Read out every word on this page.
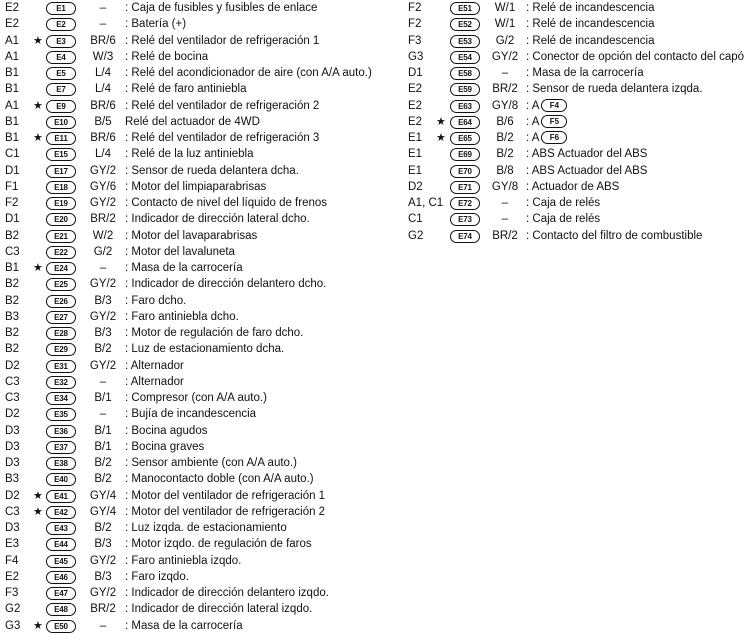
E2	E1	–	: Caja de fusibles y fusibles de enlace
E2	E2	–	: Batería (+)
A1 ★	E3	BR/6 : Relé del ventilador de refrigeración 1
A1	E4	W/3	: Relé de bocina
B1	E5	L/4	: Relé del acondicionador de aire (con A/A auto.)
B1	E7	L/4	: Relé de faro antiniebla
A1 ★	E9	BR/6 : Relé del ventilador de refrigeración 2
B1	E10	B/5	Relé del actuador de 4WD
B1 ★	E11	BR/6 : Relé del ventilador de refrigeración 3
C1	E15	L/4	: Relé de la luz antiniebla
D1	E17	GY/2 : Sensor de rueda delantera dcha.
F1	E18	GY/6 : Motor del limpiaparabrisas
F2	E19	GY/2 : Contacto de nivel del líquido de frenos
D1	E20	BR/2 : Indicador de dirección lateral dcho.
B2	E21	W/2	: Motor del lavaparabrisas
C3	E22	G/2	: Motor del lavaluneta
B1 ★	E24	–	: Masa de la carrocería
B2	E25	GY/2 : Indicador de dirección delantero dcho.
B2	E26	B/3	: Faro dcho.
B3	E27	GY/2 : Faro antiniebla dcho.
B2	E28	B/3	: Motor de regulación de faro dcho.
B2	E29	B/2	: Luz de estacionamiento dcha.
D2	E31	GY/2 : Alternador
C3	E32	–	: Alternador
C3	E34	B/1	: Compresor (con A/A auto.)
D2	E35	–	: Bujía de incandescencia
D3	E36	B/1	: Bocina agudos
D3	E37	B/1	: Bocina graves
D3	E38	B/2	: Sensor ambiente (con A/A auto.)
B3	E40	B/2	: Manocontacto doble (con A/A auto.)
D2 ★	E41	GY/4 : Motor del ventilador de refrigeración 1
C3 ★	E42	GY/4 : Motor del ventilador de refrigeración 2
D3	E43	B/2	: Luz izqda. de estacionamiento
E3	E44	B/3	: Motor izqdo. de regulación de faros
F4	E45	GY/2 : Faro antiniebla izqdo.
E2	E46	B/3	: Faro izqdo.
F3	E47	GY/2 : Indicador de dirección delantero izqdo.
G2	E48	BR/2 : Indicador de dirección lateral izqdo.
G3 ★	E50	–	: Masa de la carrocería
F2	E51	W/1 : Relé de incandescencia
F2	E52	W/1 : Relé de incandescencia
F3	E53	G/2	: Relé de incandescencia
G3	E54	GY/2 : Conector de opción del contacto del capó
D1	E58	–	: Masa de la carrocería
E2	E59	BR/2 : Sensor de rueda delantera izqda.
E2	E63	GY/8 : A F4
E2 ★	E64	B/6	: A F5
E1 ★	E65	B/2	: A F6
E1	E69	B/2	: ABS Actuador del ABS
E1	E70	B/8	: ABS Actuador del ABS
D2	E71	GY/8 : Actuador de ABS
A1, C1	E72	–	: Caja de relés
C1	E73	–	: Caja de relés
G2	E74	BR/2 : Contacto del filtro de combustible
